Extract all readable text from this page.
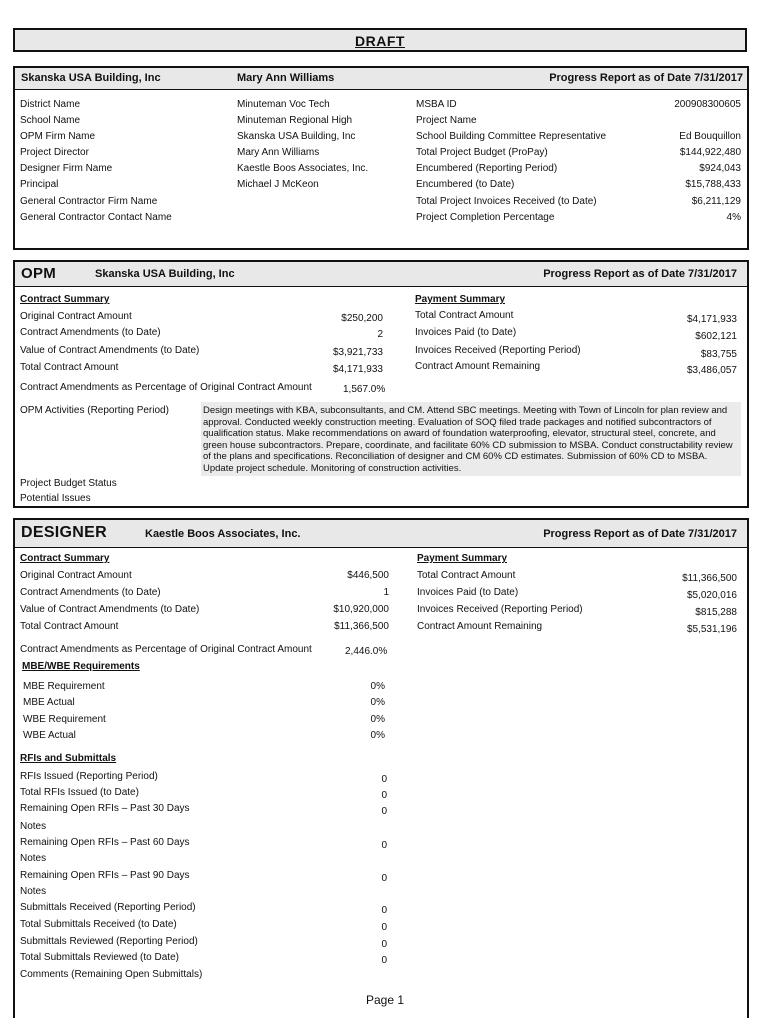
DRAFT
Skanska USA Building, Inc	Mary Ann Williams	Progress Report as of Date 7/31/2017
District Name	Minuteman Voc Tech
School Name	Minuteman Regional High
OPM Firm Name	Skanska USA Building, Inc
Project Director	Mary Ann Williams
Designer Firm Name	Kaestle Boos Associates, Inc.
Principal	Michael J McKeon
General Contractor Firm Name
General Contractor Contact Name
MSBA ID	200908300605
Project Name
School Building Committee Representative	Ed Bouquillon
Total Project Budget (ProPay)	$144,922,480
Encumbered (Reporting Period)	$924,043
Encumbered (to Date)	$15,788,433
Total Project Invoices Received (to Date)	$6,211,129
Project Completion Percentage	4%
OPM	Skanska USA Building, Inc	Progress Report as of Date 7/31/2017
Contract Summary	Payment Summary
Original Contract Amount	$250,200
Contract Amendments (to Date)	2
Value of Contract Amendments (to Date)	$3,921,733
Total Contract Amount	$4,171,933
Total Contract Amount	$4,171,933
Invoices Paid (to Date)	$602,121
Invoices Received (Reporting Period)	$83,755
Contract Amount Remaining	$3,486,057
Contract Amendments as Percentage of Original Contract Amount	1,567.0%
OPM Activities (Reporting Period)	Design meetings with KBA, subconsultants, and CM. Attend SBC meetings. Meeting with Town of Lincoln for plan review and approval. Conducted weekly construction meeting. Evaluation of SOQ filed trade packages and notified subcontractors of qualification status. Make recommendations on award of foundation waterproofing, elevator, structural steel, concrete, and green house subcontractors. Prepare, coordinate, and facilitate 60% CD submission to MSBA. Conduct constructability review of the plans and specifications. Reconciliation of designer and CM 60% CD estimates. Submission of 60% CD to MSBA. Update project schedule. Monitoring of construction activities.
Project Budget Status
Potential Issues
DESIGNER	Kaestle Boos Associates, Inc.	Progress Report as of Date 7/31/2017
Contract Summary	Payment Summary
Original Contract Amount	$446,500
Contract Amendments (to Date)	1
Value of Contract Amendments (to Date)	$10,920,000
Total Contract Amount	$11,366,500
Total Contract Amount	$11,366,500
Invoices Paid (to Date)	$5,020,016
Invoices Received (Reporting Period)	$815,288
Contract Amount Remaining	$5,531,196
Contract Amendments as Percentage of Original Contract Amount	2,446.0%
MBE/WBE Requirements
MBE Requirement	0%
MBE Actual	0%
WBE Requirement	0%
WBE Actual	0%
RFIs and Submittals
RFIs Issued (Reporting Period)	0
Total RFIs Issued (to Date)	0
Remaining Open RFIs – Past 30 Days	0
Notes
Remaining Open RFIs – Past 60 Days	0
Notes
Remaining Open RFIs – Past 90 Days	0
Notes
Submittals Received (Reporting Period)	0
Total Submittals Received (to Date)	0
Submittals Reviewed (Reporting Period)	0
Total Submittals Reviewed (to Date)	0
Comments (Remaining Open Submittals)
Page 1
